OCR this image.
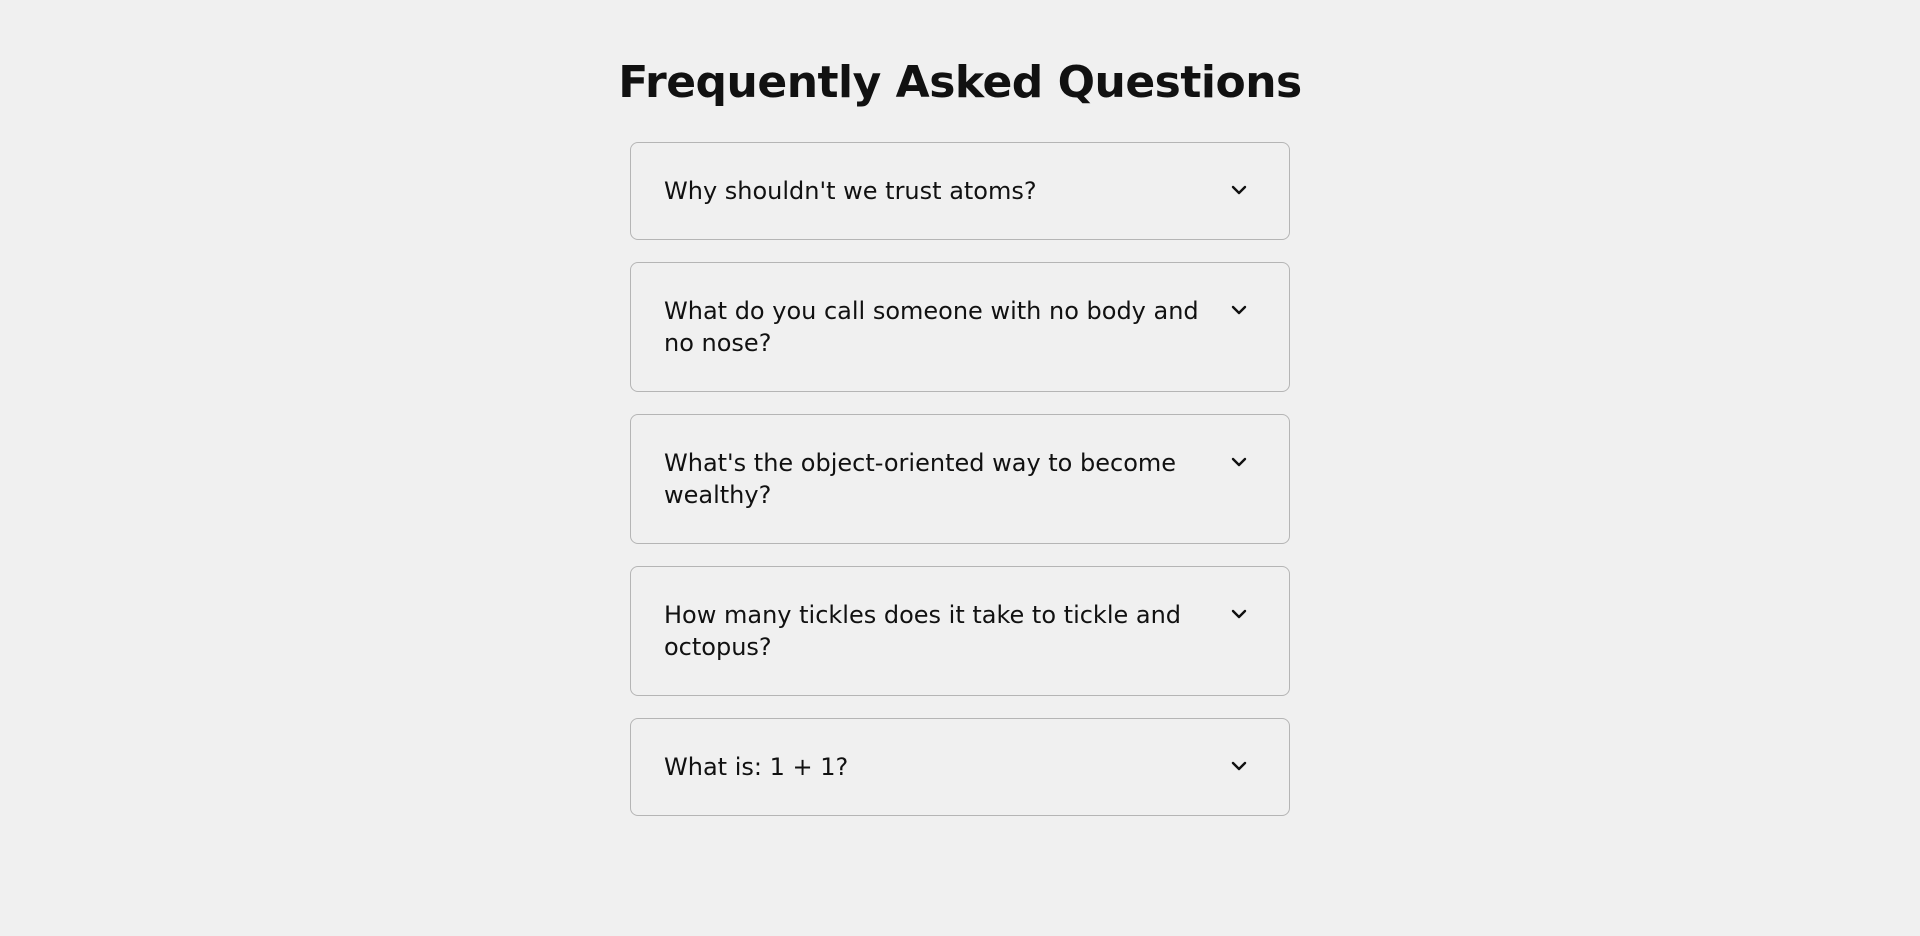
Frequently Asked Questions
Why shouldn't we trust atoms?
What do you call someone with no body and no nose?
What's the object-oriented way to become wealthy?
How many tickles does it take to tickle and octopus?
What is: 1 + 1?
